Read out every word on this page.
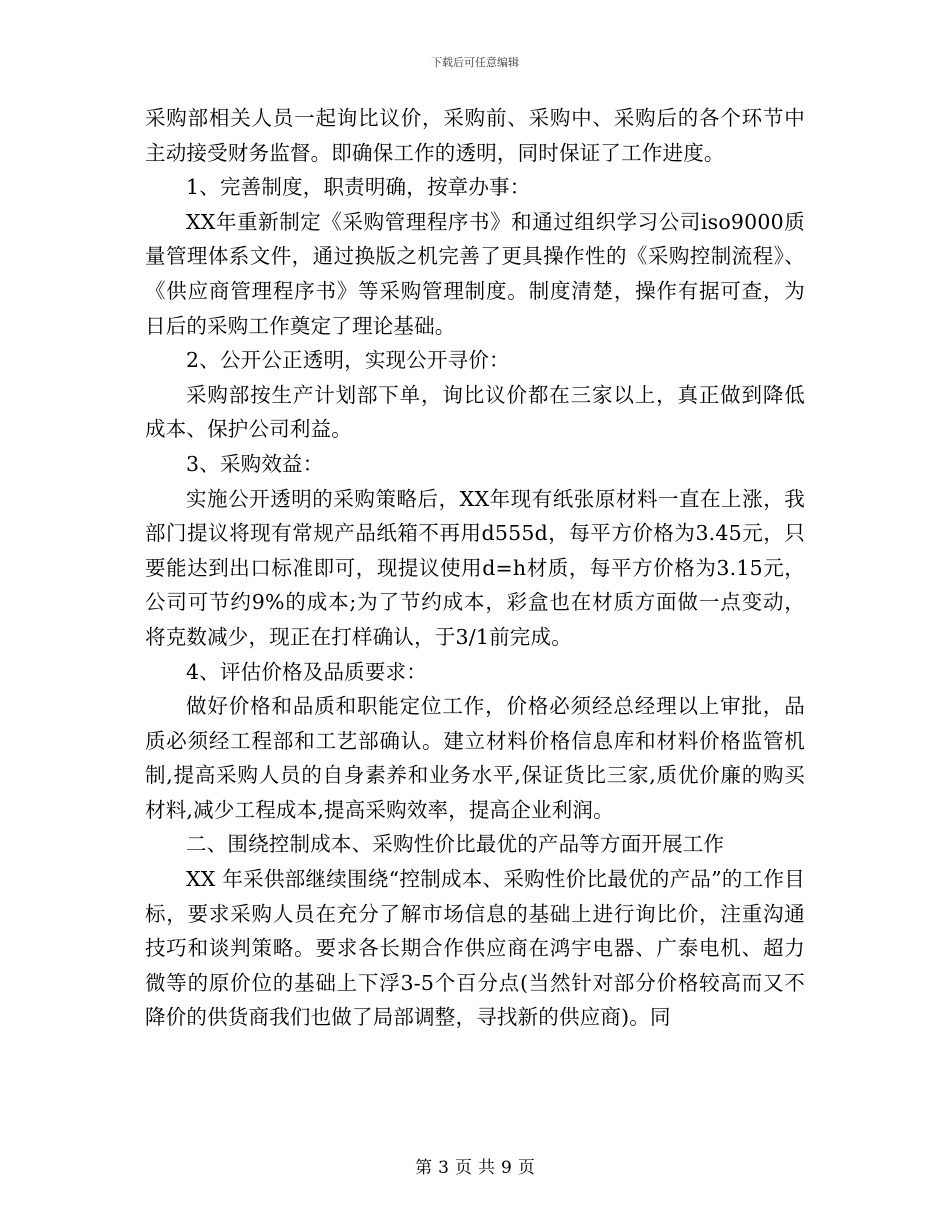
下载后可任意编辑

采购部相关人员一起询比议价，采购前、采购中、采购后的各个环节中主动接受财务监督。即确保工作的透明，同时保证了工作进度。

1、完善制度，职责明确，按章办事：

XX年重新制定《采购管理程序书》和通过组织学习公司iso9000质量管理体系文件，通过换版之机完善了更具操作性的《采购控制流程》、《供应商管理程序书》等采购管理制度。制度清楚，操作有据可查，为日后的采购工作奠定了理论基础。

2、公开公正透明，实现公开寻价：

采购部按生产计划部下单，询比议价都在三家以上，真正做到降低成本、保护公司利益。

3、采购效益：

实施公开透明的采购策略后，XX年现有纸张原材料一直在上涨，我部门提议将现有常规产品纸箱不再用d555d，每平方价格为3.45元，只要能达到出口标准即可，现提议使用d=h材质，每平方价格为3.15元，公司可节约9%的成本;为了节约成本，彩盒也在材质方面做一点变动，将克数减少，现正在打样确认，于3/1前完成。

4、评估价格及品质要求：

做好价格和品质和职能定位工作，价格必须经总经理以上审批，品质必须经工程部和工艺部确认。建立材料价格信息库和材料价格监管机制,提高采购人员的自身素养和业务水平,保证货比三家,质优价廉的购买材料,减少工程成本,提高采购效率，提高企业利润。

二、围绕控制成本、采购性价比最优的产品等方面开展工作

XX 年采供部继续围绕“控制成本、采购性价比最优的产品”的工作目标，要求采购人员在充分了解市场信息的基础上进行询比价，注重沟通技巧和谈判策略。要求各长期合作供应商在鸿宇电器、广泰电机、超力微等的原价位的基础上下浮3-5个百分点(当然针对部分价格较高而又不降价的供货商我们也做了局部调整，寻找新的供应商)。同

第 3 页 共 9 页
